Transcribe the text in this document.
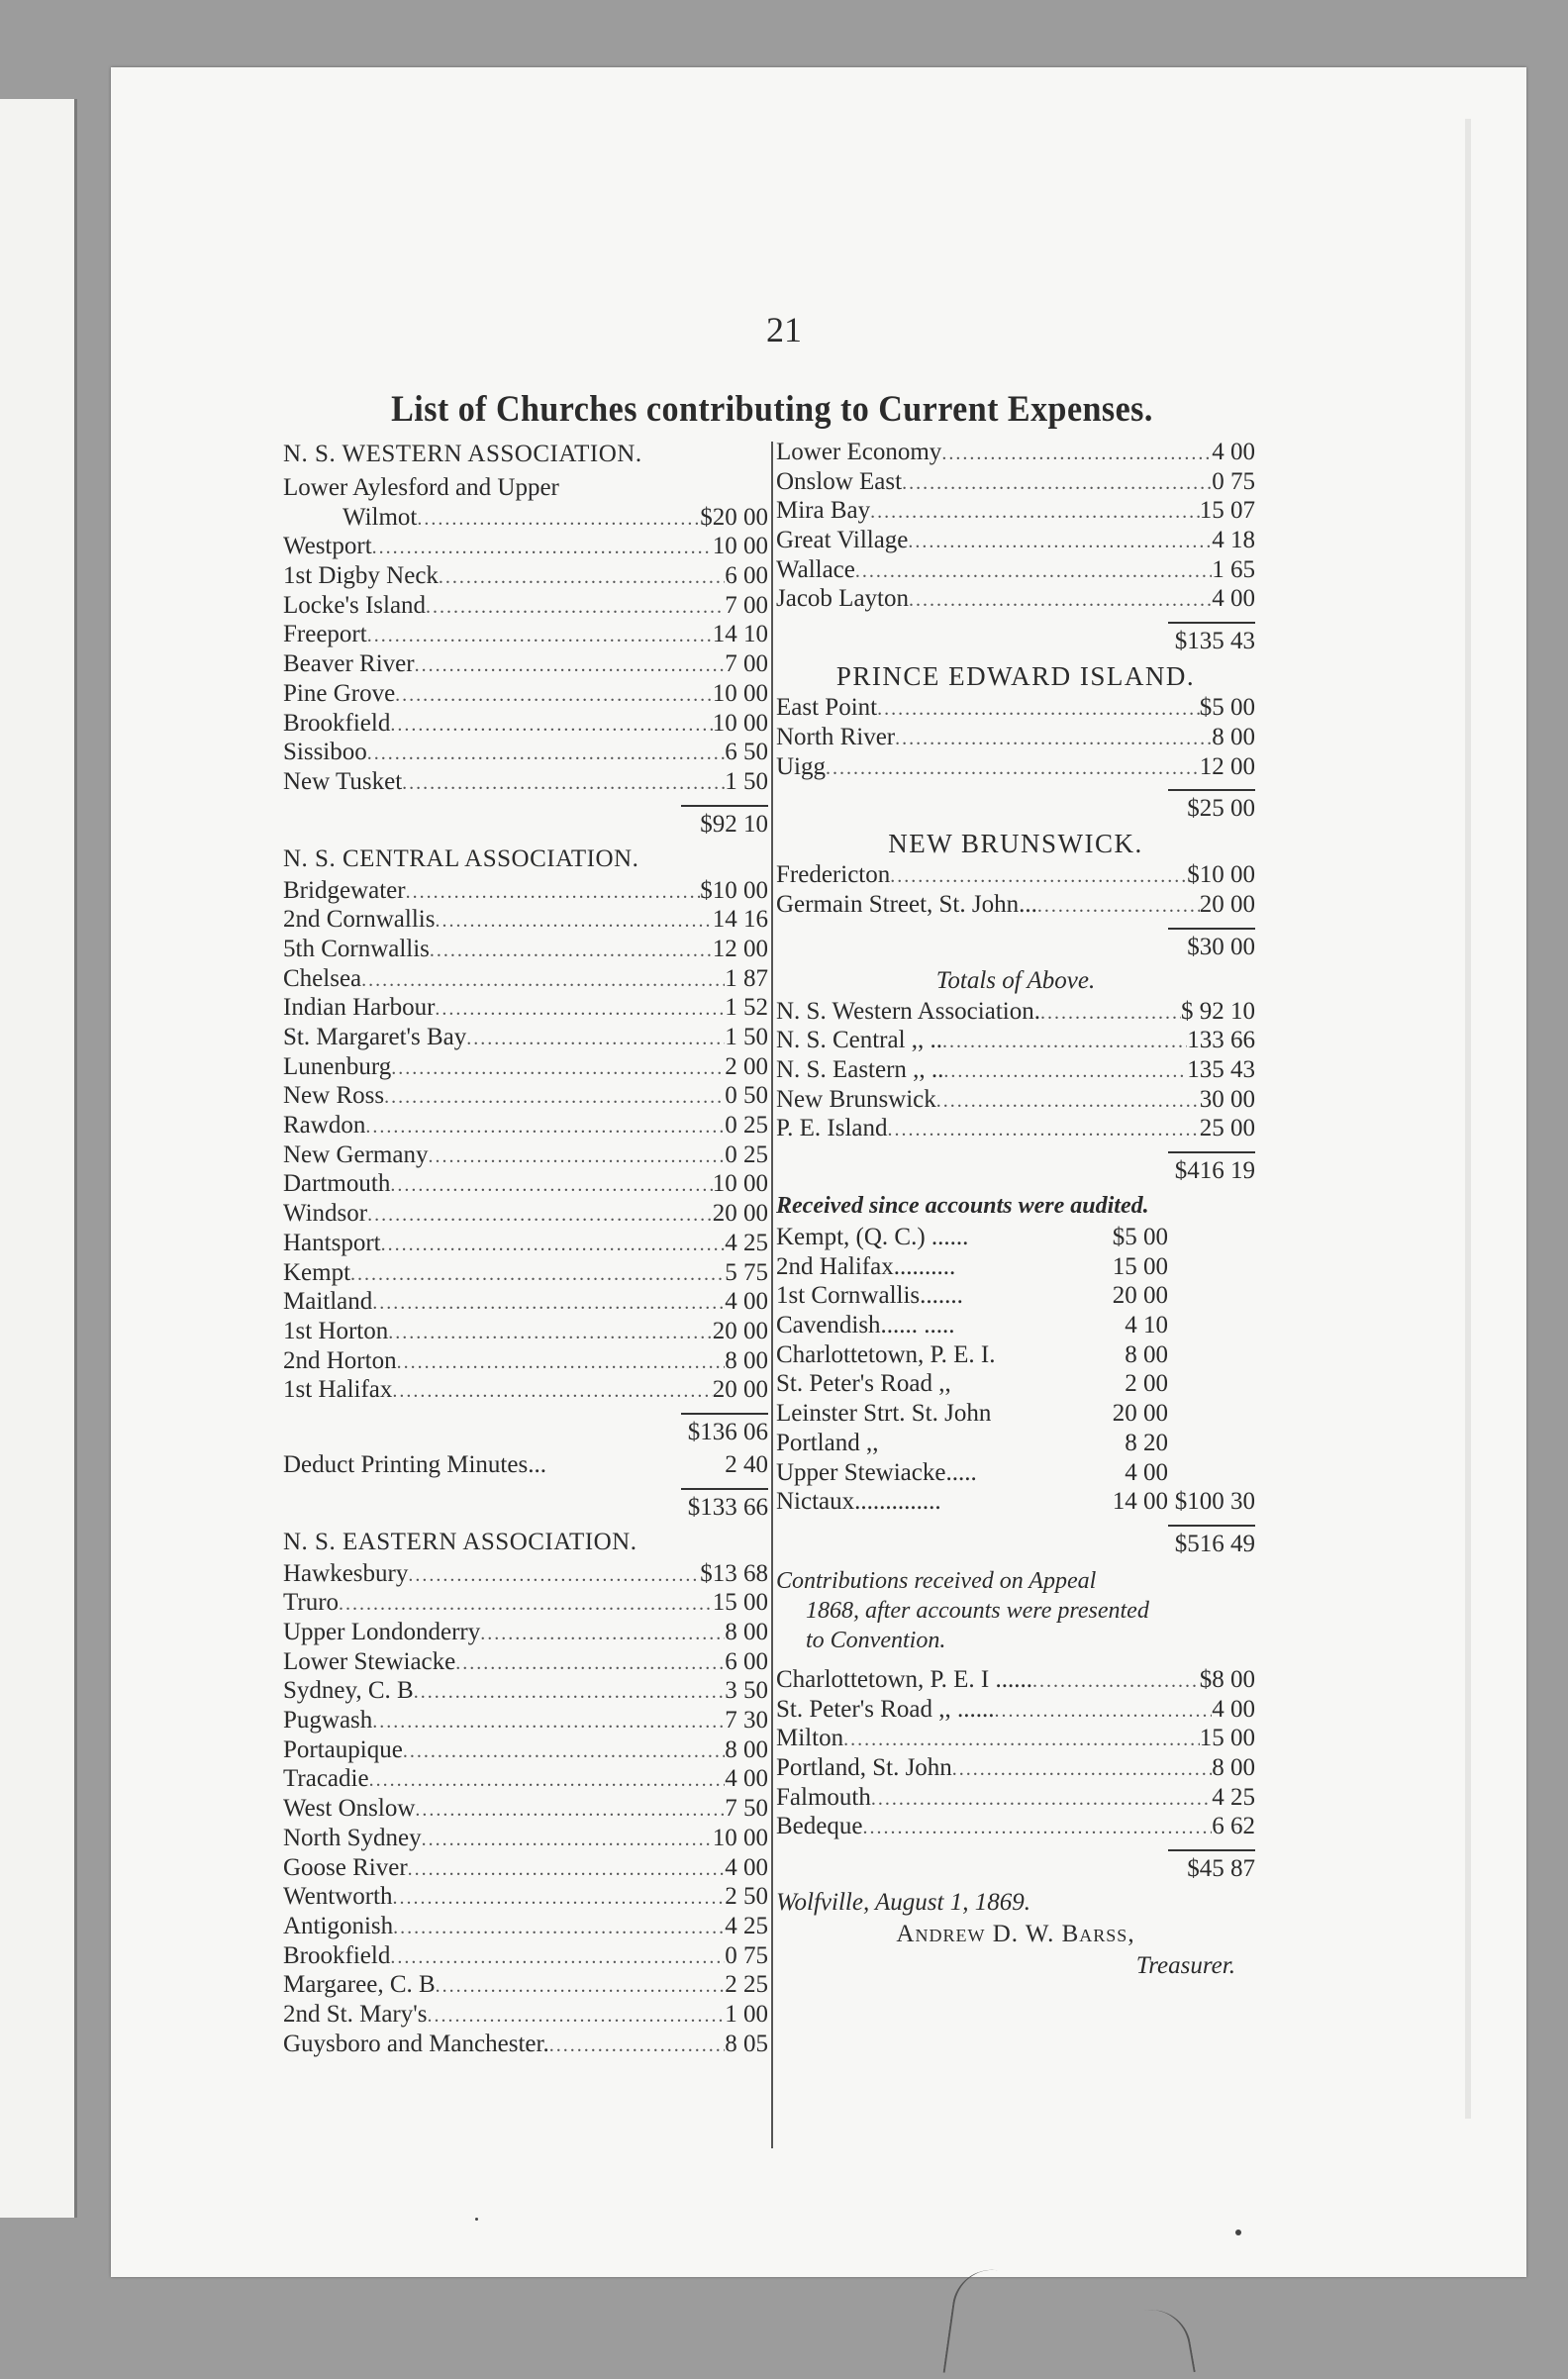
21
List of Churches contributing to Current Expenses.
N. S. WESTERN ASSOCIATION.
Lower Aylesford and Upper
Wilmot .....	$20 00
Westport .....	10 00
1st Digby Neck .....	6 00
Locke's Island .....	7 00
Freeport .....	14 10
Beaver River .....	7 00
Pine Grove .....	10 00
Brookfield .....	10 00
Sissiboo .....	6 50
New Tusket .....	1 50
$92 10
N. S. CENTRAL ASSOCIATION.
Bridgewater .....	$10 00
2nd Cornwallis .....	14 16
5th Cornwallis .....	12 00
Chelsea .....	1 87
Indian Harbour .....	1 52
St. Margaret's Bay .....	1 50
Lunenburg .....	2 00
New Ross .....	0 50
Rawdon .....	0 25
New Germany .....	0 25
Dartmouth .....	10 00
Windsor .....	20 00
Hantsport .....	4 25
Kempt .....	5 75
Maitland .....	4 00
1st Horton .....	20 00
2nd Horton .....	8 00
1st Halifax .....	20 00
$136 06
Deduct Printing Minutes...	2 40
$133 66
N. S. EASTERN ASSOCIATION.
Hawkesbury .....	$13 68
Truro .....	15 00
Upper Londonderry .....	8 00
Lower Stewiacke .....	6 00
Sydney, C. B .....	3 50
Pugwash .....	7 30
Portaupique .....	8 00
Tracadie .....	4 00
West Onslow .....	7 50
North Sydney .....	10 00
Goose River .....	4 00
Wentworth .....	2 50
Antigonish .....	4 25
Brookfield .....	0 75
Margaree, C. B .....	2 25
2nd St. Mary's .....	1 00
Guysboro and Manchester. .....	8 05
Lower Economy .....	4 00
Onslow East .....	0 75
Mira Bay .....	15 07
Great Village .....	4 18
Wallace .....	1 65
Jacob Layton .....	4 00
$135 43
PRINCE EDWARD ISLAND.
East Point .....	$5 00
North River .....	8 00
Uigg .....	12 00
$25 00
NEW BRUNSWICK.
Fredericton .....	$10 00
Germain Street, St. John... .....	20 00
$30 00
Totals of Above.
N. S. Western Association. .....	$ 92 10
N. S. Central ,, .. .....	133 66
N. S. Eastern ,, .. .....	135 43
New Brunswick .....	30 00
P. E. Island .....	25 00
$416 19
Received since accounts were audited.
Kempt, (Q. C.) ......	$5 00
2nd Halifax..........	15 00
1st Cornwallis.......	20 00
Cavendish...... .....	4 10
Charlottetown, P. E. I.	8 00
St. Peter's Road ,,	2 00
Leinster Strt. St. John	20 00
Portland ,,	8 20
Upper Stewiacke.....	4 00
Nictaux..............	14 00 $100 30
$516 49
Contributions received on Appeal
1868, after accounts were presented
to Convention.
Charlottetown, P. E. I ...... .....	$8 00
St. Peter's Road ,, ...... .....	4 00
Milton .....	15 00
Portland, St. John .....	8 00
Falmouth .....	4 25
Bedeque .....	6 62
$45 87
Wolfville, August 1, 1869.
Andrew D. W. Barss,
Treasurer.
